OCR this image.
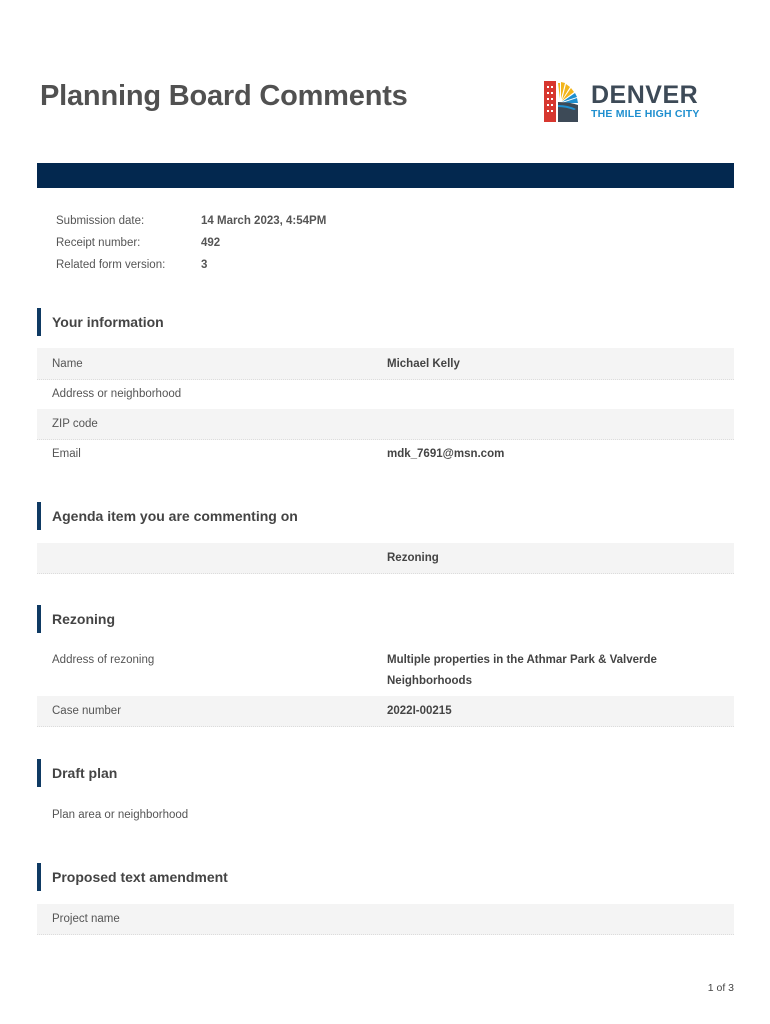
Planning Board Comments	DENVER
THE MILE HIGH CITY
Submission date:	14 March 2023, 4:54PM
Receipt number:	492
Related form version:	3
Your information
Name	Michael Kelly
Address or neighborhood
ZIP code
Email	mdk_7691@msn.com
Agenda item you are commenting on
Rezoning
Rezoning
Address of rezoning	Multiple properties in the Athmar Park & Valverde Neighborhoods
Case number	2022I-00215
Draft plan
Plan area or neighborhood
Proposed text amendment
Project name
1 of 3
